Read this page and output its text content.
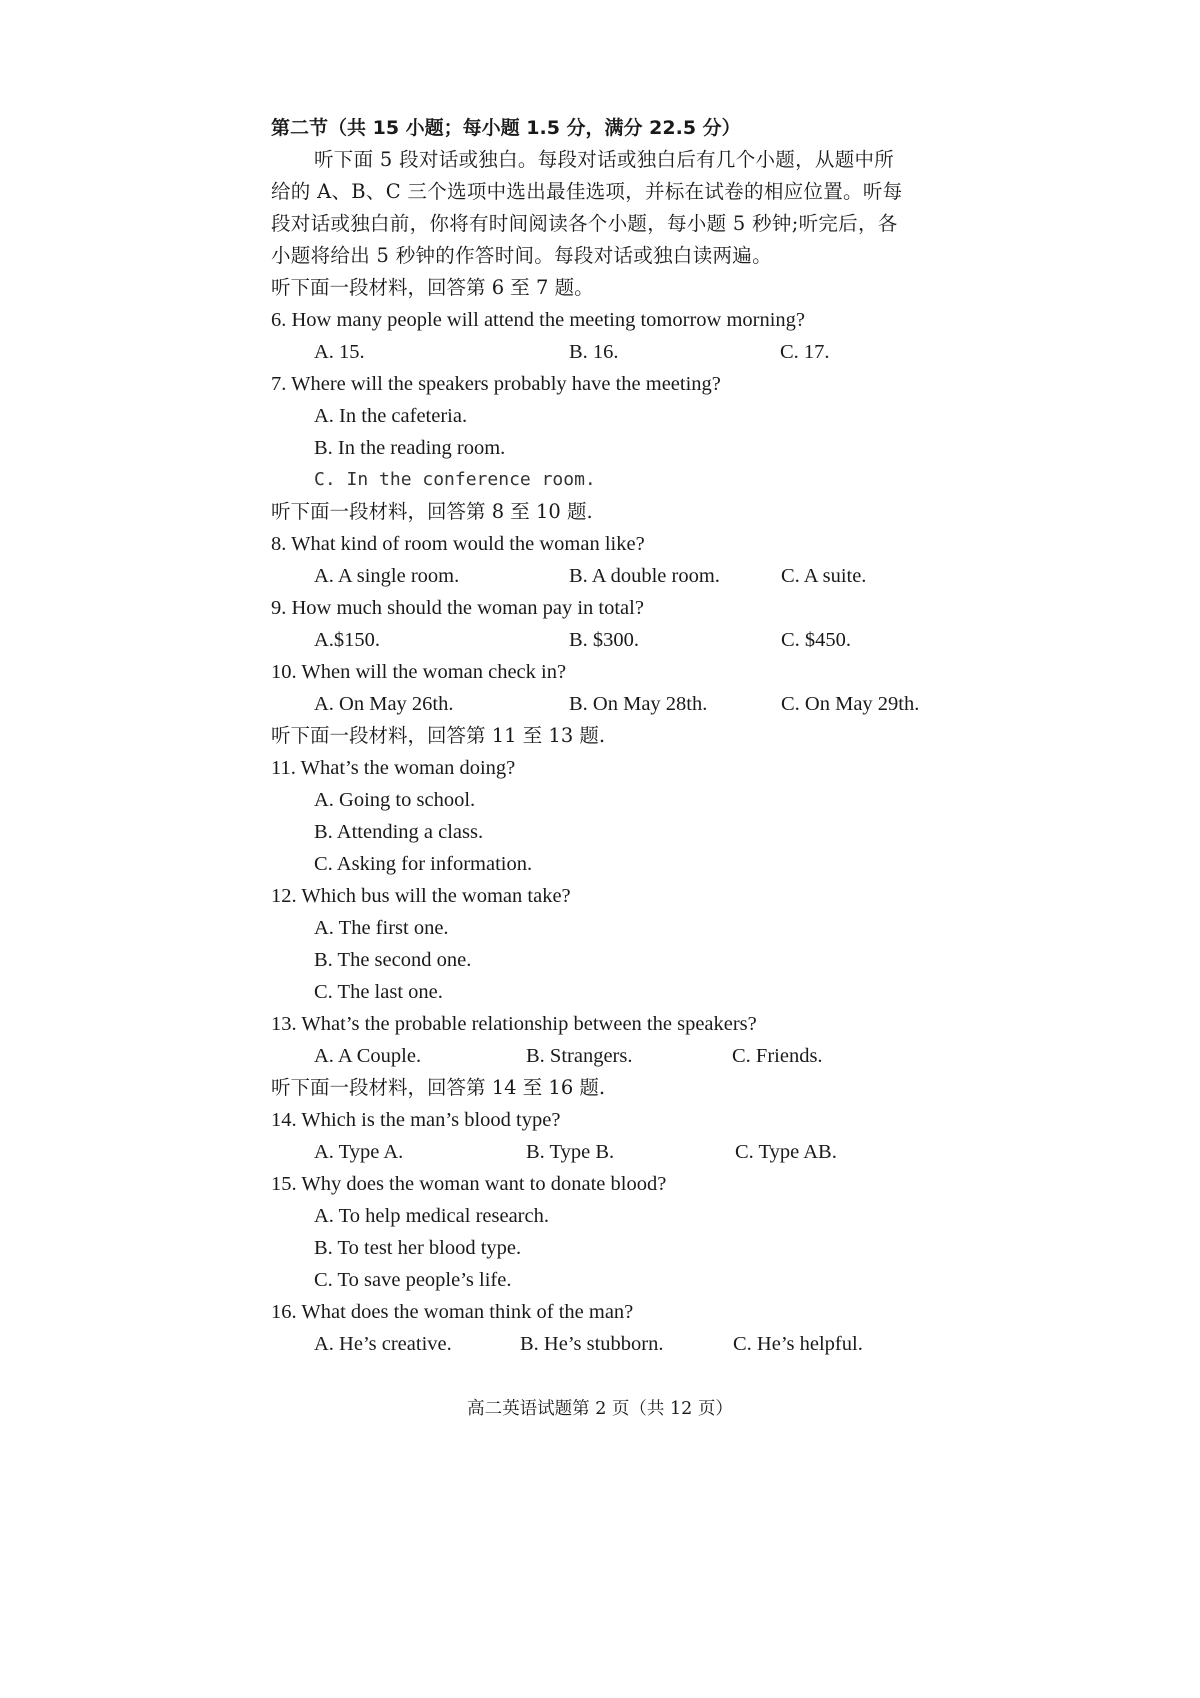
第二节（共 15 小题；每小题 1.5 分，满分 22.5 分）
听下面 5 段对话或独白。每段对话或独白后有几个小题，从题中所
给的 A、B、C 三个选项中选出最佳选项，并标在试卷的相应位置。听每
段对话或独白前，你将有时间阅读各个小题，每小题 5 秒钟;听完后，各
小题将给出 5 秒钟的作答时间。每段对话或独白读两遍。
听下面一段材料，回答第 6 至 7 题。
6. How many people will attend the meeting tomorrow morning?
A. 15.	B. 16.	C. 17.
7. Where will the speakers probably have the meeting?
A. In the cafeteria.
B. In the reading room.
C. In the conference room.
听下面一段材料，回答第 8 至 10 题.
8. What kind of room would the woman like?
A. A single room.	B. A double room.	C. A suite.
9. How much should the woman pay in total?
A.$150.	B. $300.	C. $450.
10. When will the woman check in?
A. On May 26th.	B. On May 28th.	C. On May 29th.
听下面一段材料，回答第 11 至 13 题.
11. What’s the woman doing?
A. Going to school.
B. Attending a class.
C. Asking for information.
12. Which bus will the woman take?
A. The first one.
B. The second one.
C. The last one.
13. What’s the probable relationship between the speakers?
A. A Couple.	B. Strangers.	C. Friends.
听下面一段材料，回答第 14 至 16 题.
14. Which is the man’s blood type?
A. Type A.	B. Type B.	C. Type AB.
15. Why does the woman want to donate blood?
A. To help medical research.
B. To test her blood type.
C. To save people’s life.
16. What does the woman think of the man?
A. He’s creative.	B. He’s stubborn.	C. He’s helpful.
高二英语试题第 2 页（共 12 页）
